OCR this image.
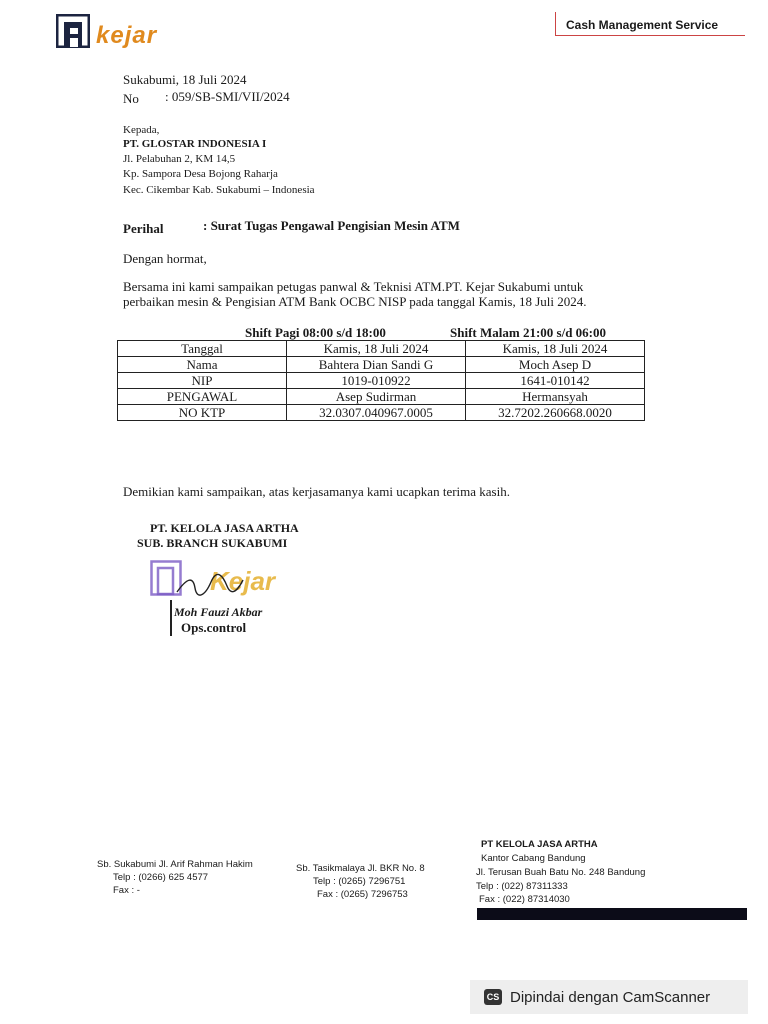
kejar	Cash Management Service
Sukabumi, 18 Juli 2024
No : 059/SB-SMI/VII/2024
Kepada,
PT. GLOSTAR INDONESIA I
Jl. Pelabuhan 2, KM 14,5
Kp. Sampora Desa Bojong Raharja
Kec. Cikembar Kab. Sukabumi – Indonesia
Perihal	: Surat Tugas Pengawal Pengisian Mesin ATM
Dengan hormat,
Bersama ini kami sampaikan petugas panwal & Teknisi ATM.PT. Kejar Sukabumi untuk
perbaikan mesin & Pengisian ATM Bank OCBC NISP pada tanggal Kamis, 18 Juli 2024.
Shift Pagi 08:00 s/d 18:00	Shift Malam 21:00 s/d 06:00
Tanggal	Kamis, 18 Juli 2024	Kamis, 18 Juli 2024
Nama	Bahtera Dian Sandi G	Moch Asep D
NIP	1019-010922	1641-010142
PENGAWAL	Asep Sudirman	Hermansyah
NO KTP	32.0307.040967.0005	32.7202.260668.0020
Demikian kami sampaikan, atas kerjasamanya kami ucapkan terima kasih.
PT. KELOLA JASA ARTHA
SUB. BRANCH SUKABUMI
Kejar
Moh Fauzi Akbar
Ops.control
Sb. Sukabumi Jl. Arif Rahman Hakim
Telp : (0266) 625 4577
Fax : -
Sb. Tasikmalaya Jl. BKR No. 8
Telp : (0265) 7296751
Fax : (0265) 7296753
PT KELOLA JASA ARTHA
Kantor Cabang Bandung
Jl. Terusan Buah Batu No. 248 Bandung
Telp : (022) 87311333
Fax : (022) 87314030
CS Dipindai dengan CamScanner
